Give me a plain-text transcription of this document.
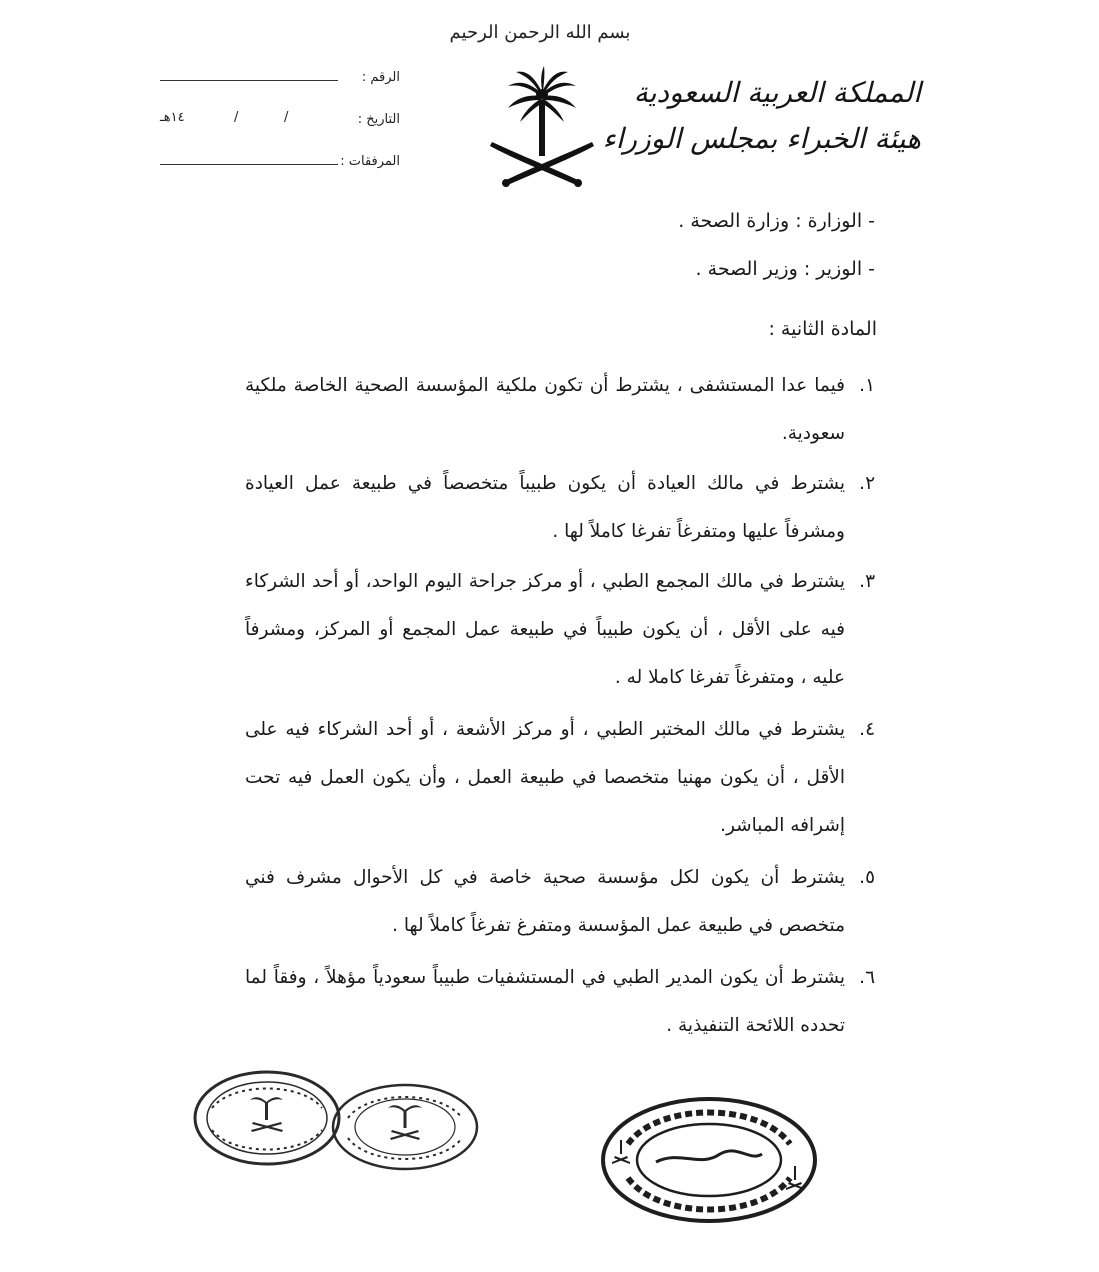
بسم الله الرحمن الرحيم
المملكة العربية السعودية
هيئة الخبراء بمجلس الوزراء
الرقم :
التاريخ :
١٤هـ	/	/
المرفقات :
- الوزارة : وزارة الصحة .
- الوزير : وزير الصحة .
المادة الثانية :
١.
فيما عدا المستشفى ، يشترط أن تكون ملكية المؤسسة الصحية الخاصة ملكية سعودية.
٢.
يشترط في مالك العيادة أن يكون طبيباً متخصصاً في طبيعة عمل العيادة ومشرفاً عليها ومتفرغاً تفرغا كاملاً لها .
٣.
يشترط في مالك المجمع الطبي ، أو مركز جراحة اليوم الواحد، أو أحد الشركاء فيه على الأقل ، أن يكون طبيباً في طبيعة عمل المجمع أو المركز، ومشرفاً عليه ، ومتفرغاً تفرغا كاملا له .
٤.
يشترط في مالك المختبر الطبي ، أو مركز الأشعة ، أو أحد الشركاء فيه على الأقل ، أن يكون مهنيا متخصصا في طبيعة العمل ، وأن يكون العمل فيه تحت إشرافه المباشر.
٥.
يشترط أن يكون لكل مؤسسة صحية خاصة في كل الأحوال مشرف فني متخصص في طبيعة عمل المؤسسة ومتفرغ تفرغاً كاملاً لها .
٦.
يشترط أن يكون المدير الطبي في المستشفيات طبيباً سعودياً مؤهلاً ، وفقاً لما تحدده اللائحة التنفيذية .
